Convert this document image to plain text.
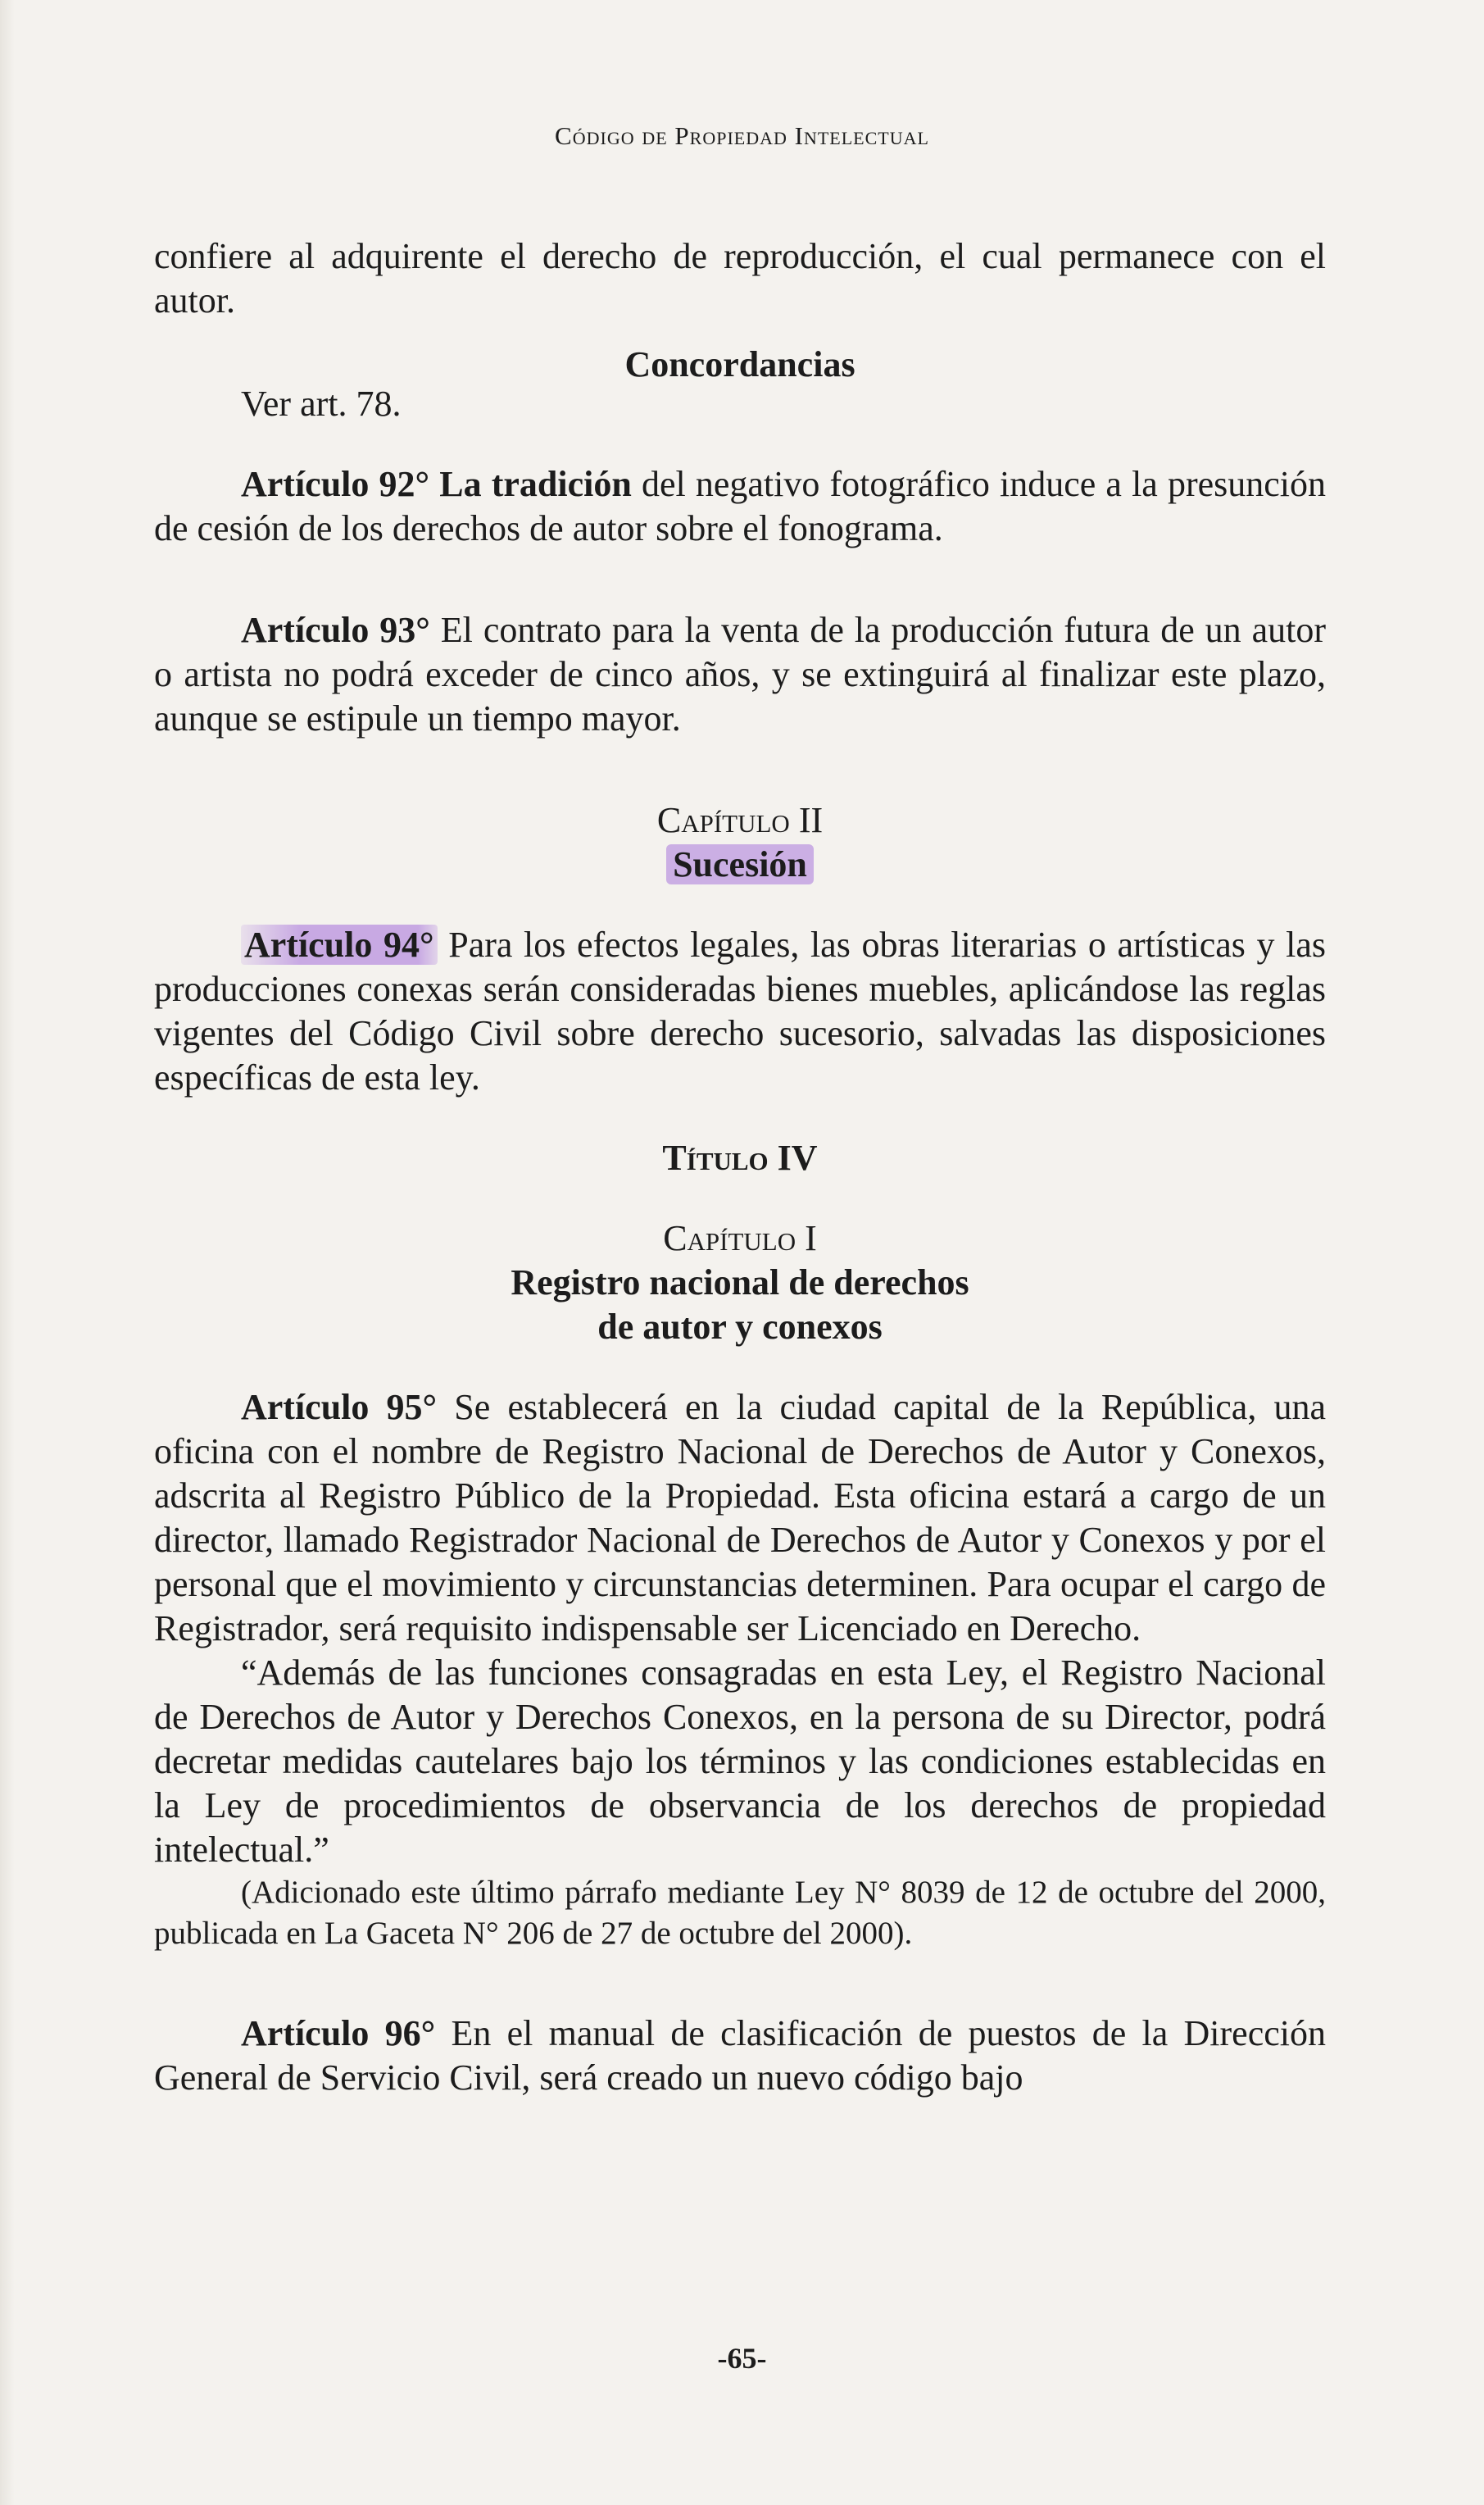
Código de Propiedad Intelectual

confiere al adquirente el derecho de reproducción, el cual permanece con el autor.

Concordancias

Ver art. 78.

Artículo 92° La tradición del negativo fotográfico induce a la presunción de cesión de los derechos de autor sobre el fonograma.

Artículo 93° El contrato para la venta de la producción futura de un autor o artista no podrá exceder de cinco años, y se extinguirá al finalizar este plazo, aunque se estipule un tiempo mayor.

Capítulo II
Sucesión

Artículo 94° Para los efectos legales, las obras literarias o artísticas y las producciones conexas serán consideradas bienes muebles, aplicándose las reglas vigentes del Código Civil sobre derecho sucesorio, salvadas las disposiciones específicas de esta ley.

Título IV
Capítulo I
Registro nacional de derechos
de autor y conexos

Artículo 95° Se establecerá en la ciudad capital de la República, una oficina con el nombre de Registro Nacional de Derechos de Autor y Conexos, adscrita al Registro Público de la Propiedad. Esta oficina estará a cargo de un director, llamado Registrador Nacional de Derechos de Autor y Conexos y por el personal que el movimiento y circunstancias determinen. Para ocupar el cargo de Registrador, será requisito indispensable ser Licenciado en Derecho.

“Además de las funciones consagradas en esta Ley, el Registro Nacional de Derechos de Autor y Derechos Conexos, en la persona de su Director, podrá decretar medidas cautelares bajo los términos y las condiciones establecidas en la Ley de procedimientos de observancia de los derechos de propiedad intelectual.”

(Adicionado este último párrafo mediante Ley N° 8039 de 12 de octubre del 2000, publicada en La Gaceta N° 206 de 27 de octubre del 2000).

Artículo 96° En el manual de clasificación de puestos de la Dirección General de Servicio Civil, será creado un nuevo código bajo

-65-
